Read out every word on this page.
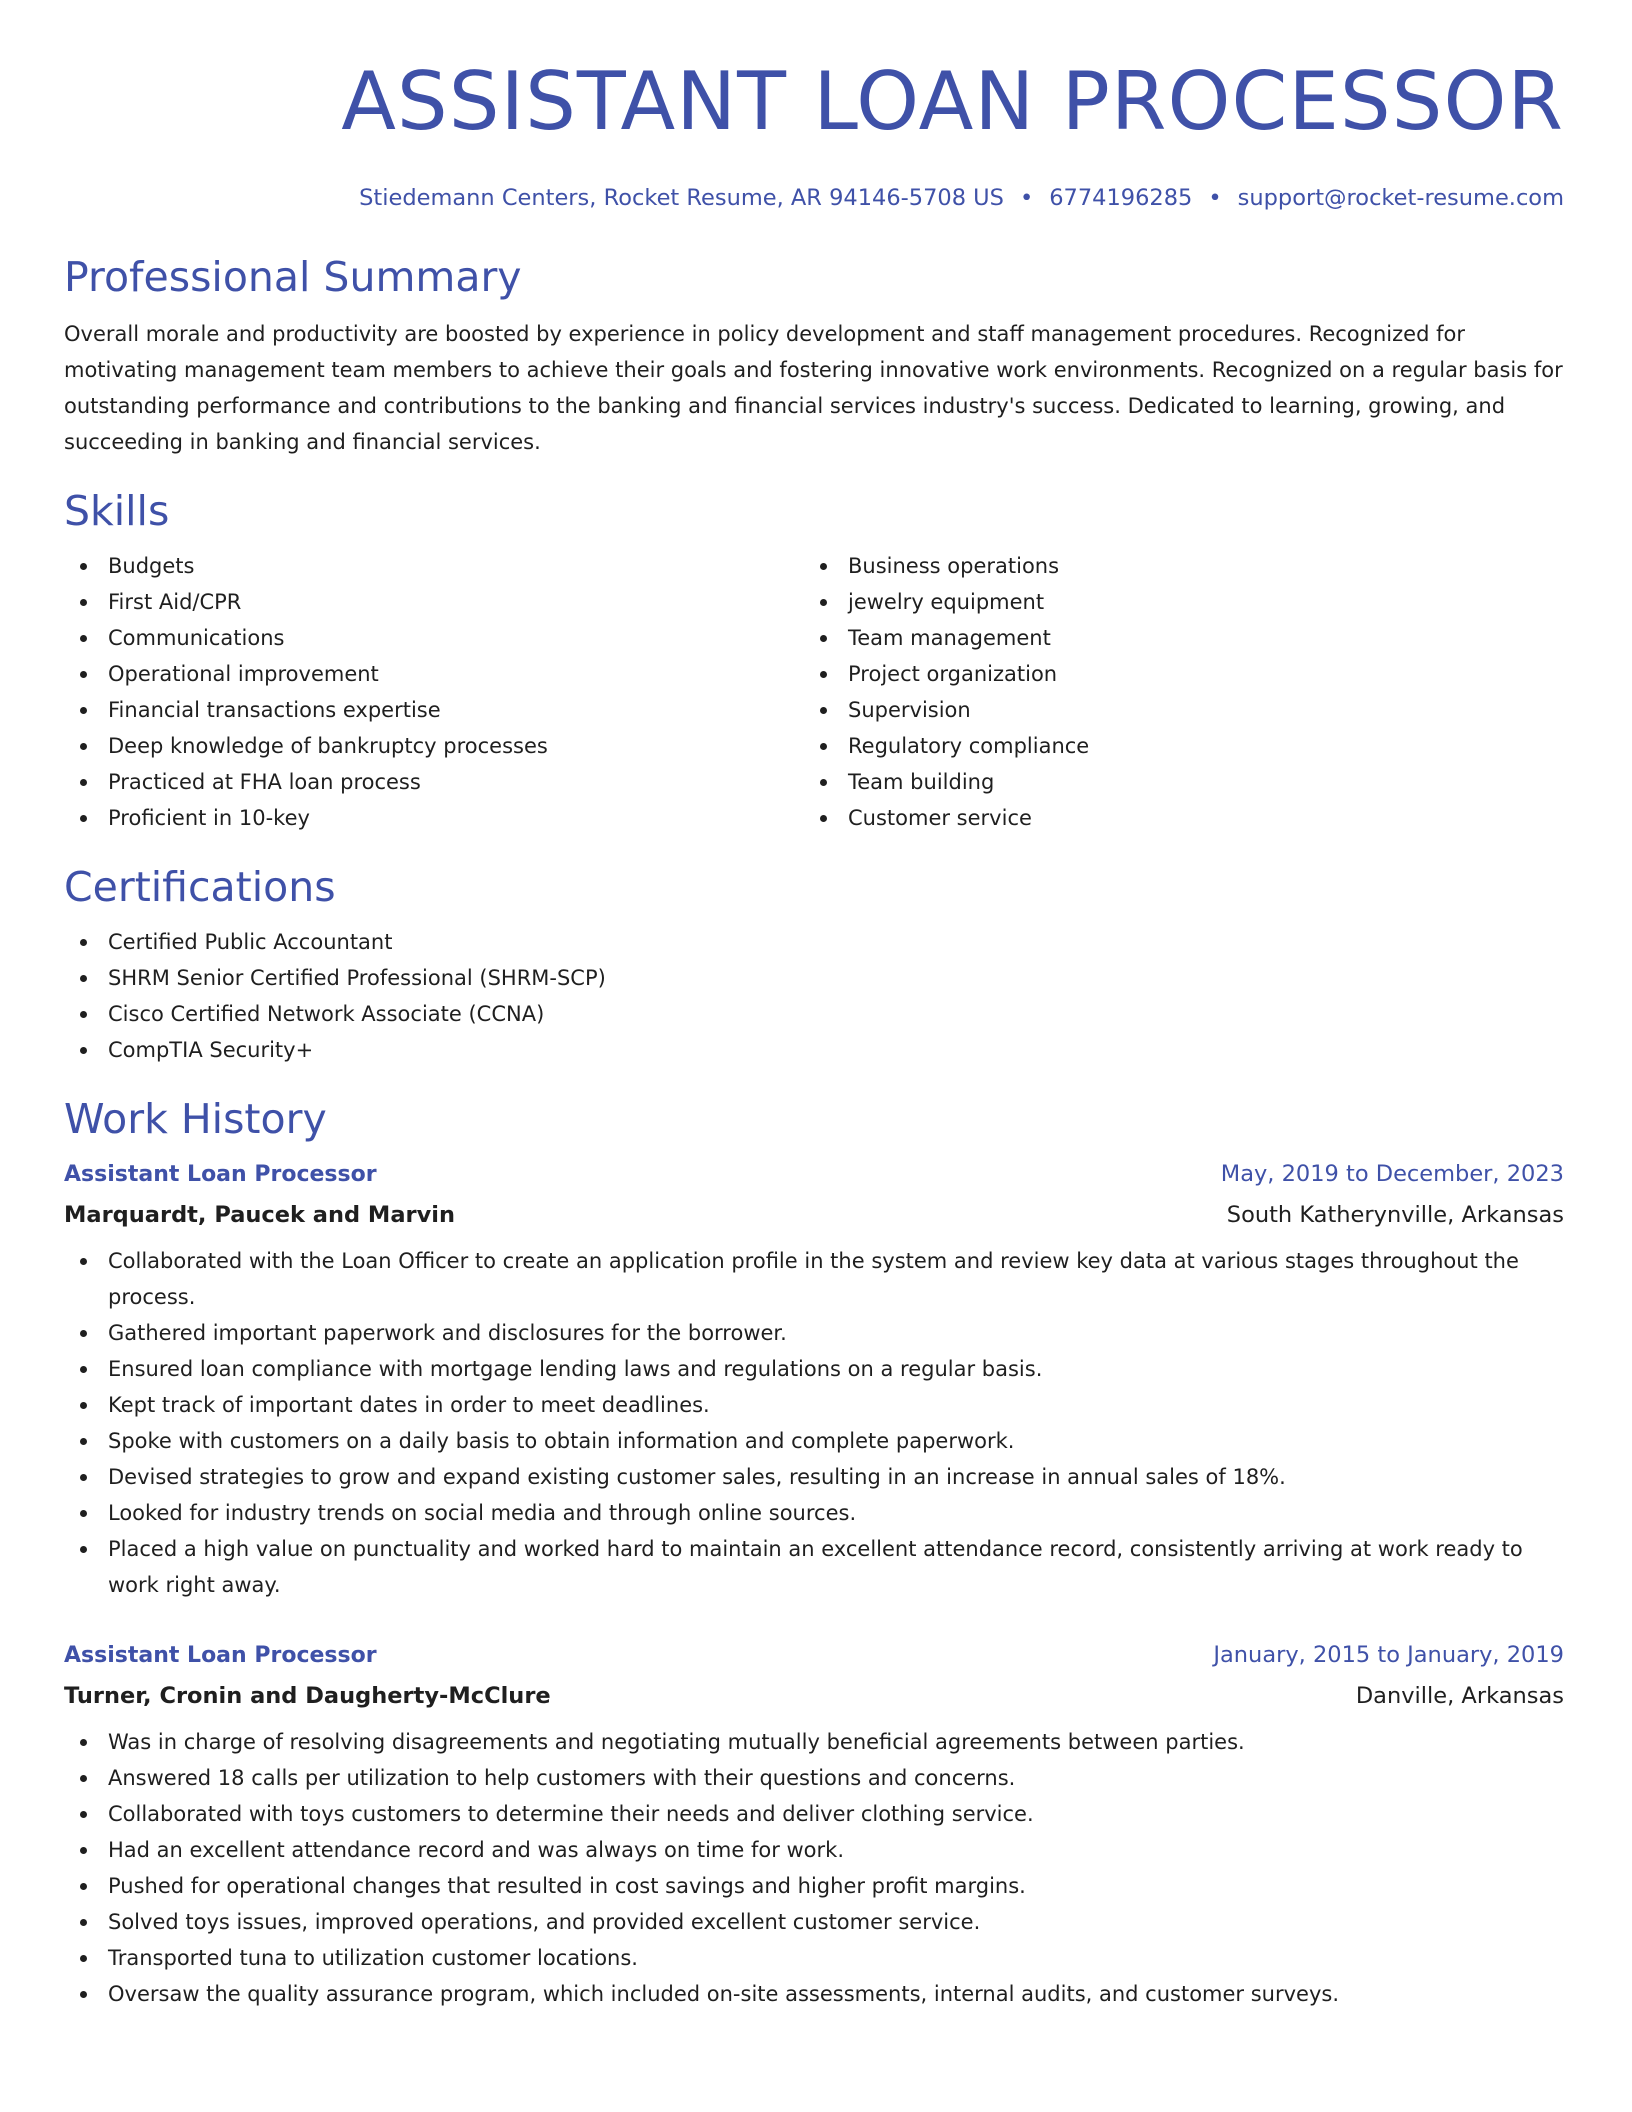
ASSISTANT LOAN PROCESSOR
Stiedemann Centers, Rocket Resume, AR 94146-5708 US • 6774196285 • support@rocket-resume.com
Professional Summary

Overall morale and productivity are boosted by experience in policy development and staff management procedures. Recognized for motivating management team members to achieve their goals and fostering innovative work environments. Recognized on a regular basis for outstanding performance and contributions to the banking and financial services industry's success. Dedicated to learning, growing, and succeeding in banking and financial services.

Skills
Budgets
First Aid/CPR
Communications
Operational improvement
Financial transactions expertise
Deep knowledge of bankruptcy processes
Practiced at FHA loan process
Proficient in 10-key
Business operations
jewelry equipment
Team management
Project organization
Supervision
Regulatory compliance
Team building
Customer service
Certifications
Certified Public Accountant
SHRM Senior Certified Professional (SHRM-SCP)
Cisco Certified Network Associate (CCNA)
CompTIA Security+
Work History
Assistant Loan Processor	May, 2019 to December, 2023
Marquardt, Paucek and Marvin	South Katherynville, Arkansas
Collaborated with the Loan Officer to create an application profile in the system and review key data at various stages throughout the process.
Gathered important paperwork and disclosures for the borrower.
Ensured loan compliance with mortgage lending laws and regulations on a regular basis.
Kept track of important dates in order to meet deadlines.
Spoke with customers on a daily basis to obtain information and complete paperwork.
Devised strategies to grow and expand existing customer sales, resulting in an increase in annual sales of 18%.
Looked for industry trends on social media and through online sources.
Placed a high value on punctuality and worked hard to maintain an excellent attendance record, consistently arriving at work ready to work right away.
Assistant Loan Processor	January, 2015 to January, 2019
Turner, Cronin and Daugherty-McClure	Danville, Arkansas
Was in charge of resolving disagreements and negotiating mutually beneficial agreements between parties.
Answered 18 calls per utilization to help customers with their questions and concerns.
Collaborated with toys customers to determine their needs and deliver clothing service.
Had an excellent attendance record and was always on time for work.
Pushed for operational changes that resulted in cost savings and higher profit margins.
Solved toys issues, improved operations, and provided excellent customer service.
Transported tuna to utilization customer locations.
Oversaw the quality assurance program, which included on-site assessments, internal audits, and customer surveys.
